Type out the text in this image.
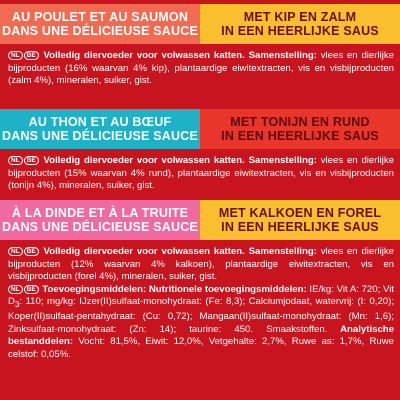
AU POULET ET AU SAUMON
DANS UNE DÉLICIEUSE SAUCE
MET KIP EN ZALM
IN EEN HEERLIJKE SAUS
NL BE Volledig diervoeder voor volwassen katten. Samenstelling: vlees en dierlijke bijproducten (16% waarvan 4% kip), plantaardige eiwitextracten, vis en visbijproducten (zalm 4%), mineralen, suiker, gist.
AU THON ET AU BŒUF
DANS UNE DÉLICIEUSE SAUCE
MET TONIJN EN RUND
IN EEN HEERLIJKE SAUS
NL BE Volledig diervoeder voor volwassen katten. Samenstelling: vlees en dierlijke bijproducten (15% waarvan 4% rund), plantaardige eiwitextracten, vis en visbijproducten (tonijn 4%), mineralen, suiker, gist.
À LA DINDE ET À LA TRUITE
DANS UNE DÉLICIEUSE SAUCE
MET KALKOEN EN FOREL
IN EEN HEERLIJKE SAUS
NL BE Volledig diervoeder voor volwassen katten. Samenstelling: vlees en dierlijke bijproducten (12% waarvan 4% kalkoen), plantaardige eiwitextracten, vis en visbijproducten (forel 4%), mineralen, suiker, gist.
NL BE Toevoegingsmiddelen: Nutritionele toevoegingsmiddelen: IE/kg: Vit A: 720; Vit $D_3$: 110; mg/kg: IJzer(II)sulfaat-monohydraat: (Fe: 8,3); Calciumjodaat, watervrij: (I: 0,20); Koper(II)sulfaat-pentahydraat: (Cu: 0,72); Mangaan(II)sulfaat-monohydraat: (Mn: 1,6); Zinksulfaat-monohydraat: (Zn: 14); taurine: 450. Smaakstoffen. Analytische bestanddelen: Vocht: 81,5%, Eiwit: 12,0%, Vetgehalte: 2,7%, Ruwe as: 1,7%, Ruwe celstof: 0,05%.
